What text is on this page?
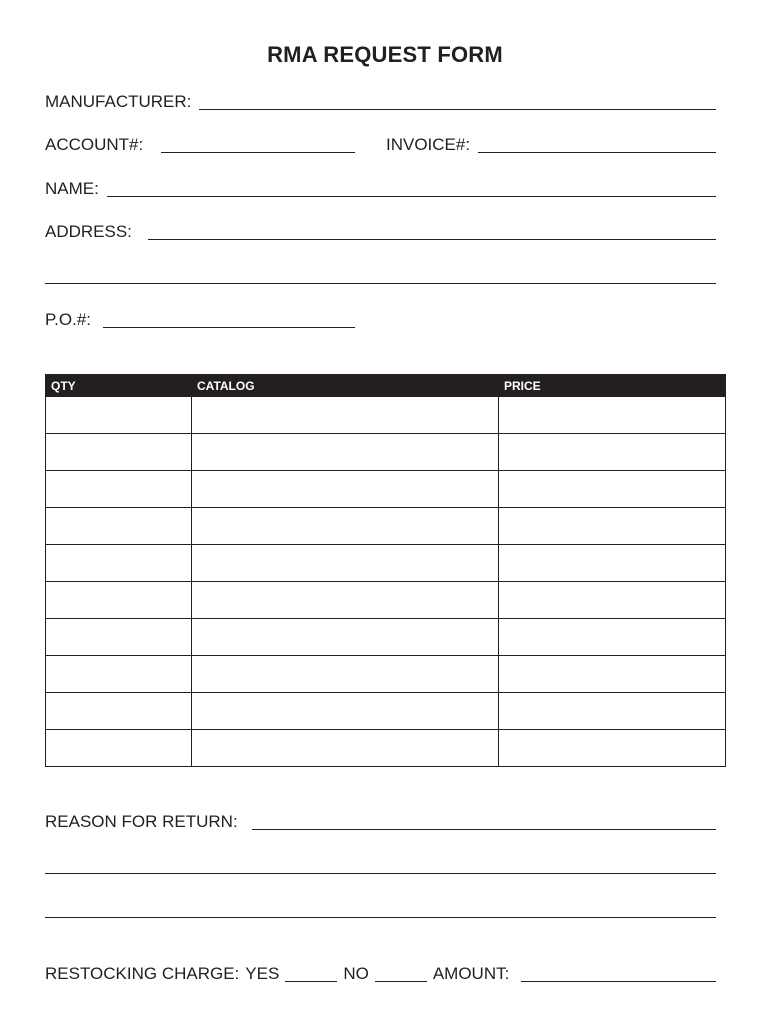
RMA REQUEST FORM
MANUFACTURER:
ACCOUNT#:	INVOICE#:
NAME:
ADDRESS:
P.O.#:
QTY	CATALOG	PRICE

REASON FOR RETURN:
RESTOCKING CHARGE: YES	NO	AMOUNT:
